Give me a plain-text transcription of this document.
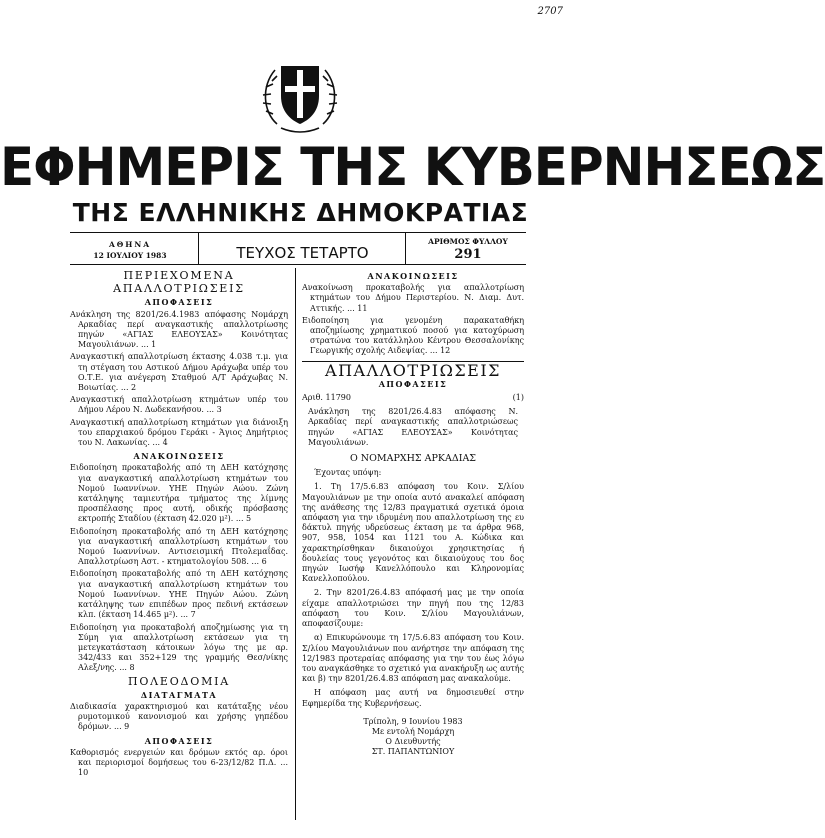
2707
ΕΦΗΜΕΡΙΣ ΤΗΣ ΚΥΒΕΡΝΗΣΕΩΣ
ΤΗΣ ΕΛΛΗΝΙΚΗΣ ΔΗΜΟΚΡΑΤΙΑΣ
ΑΘΗΝΑ
12 ΙΟΥΛΙΟΥ 1983	ΤΕΥΧΟΣ ΤΕΤΑΡΤΟ
ΑΡΙΘΜΟΣ ΦΥΛΛΟΥ
291
ΠΕΡΙΕΧΟΜΕΝΑ
ΑΠΑΛΛΟΤΡΙΩΣΕΙΣ
ΑΠΟΦΑΣΕΙΣ

Ανάκληση της 8201/26.4.1983 απόφασης Νομάρχη Αρκαδίας περί αναγκαστικής απαλλοτρίωσης πηγών «ΑΓΙΑΣ ΕΛΕΟΥΣΑΣ» Κοινότητας Μαγουλιάνων. ... 1

Αναγκαστική απαλλοτρίωση έκτασης 4.038 τ.μ. για τη στέγαση του Αστικού Δήμου Αράχωβα υπέρ του Ο.Τ.Ε. για ανέγερση Σταθμού Α/Τ Αράχωβας Ν. Βοιωτίας. ... 2

Αναγκαστική απαλλοτρίωση κτημάτων υπέρ του Δήμου Λέρου Ν. Δωδεκανήσου. ... 3

Αναγκαστική απαλλοτρίωση κτημάτων για διάνοιξη του επαρχιακού δρόμου Γεράκι - Άγιος Δημήτριος του Ν. Λακωνίας. ... 4

ΑΝΑΚΟΙΝΩΣΕΙΣ

Ειδοποίηση προκαταβολής από τη ΔΕΗ κατόχησης για αναγκαστική απαλλοτρίωση κτημάτων του Νομού Ιωαννίνων. ΥΗΕ Πηγών Αώου. Ζώνη κατάληψης ταμιευτήρα τμήματος της λίμνης προσπέλασης προς αυτή, οδικής πρόσβασης εκτροπής Σταδίου (έκταση 42.020 μ²). ... 5

Ειδοποίηση προκαταβολής από τη ΔΕΗ κατόχησης για αναγκαστική απαλλοτρίωση κτημάτων του Νομού Ιωαννίνων. Αντισεισμική Πτολεμαΐδας. Απαλλοτρίωση Αστ. - κτηματολογίου 508. ... 6

Ειδοποίηση προκαταβολής από τη ΔΕΗ κατόχησης για αναγκαστική απαλλοτρίωση κτημάτων του Νομού Ιωαννίνων. ΥΗΕ Πηγών Αώου. Ζώνη κατάληψης των επιπέδων προς πεδινή εκτάσεων κλπ. (έκταση 14.465 μ²). ... 7

Ειδοποίηση για προκαταβολή αποζημίωσης για τη Σύμη για απαλλοτρίωση εκτάσεων για τη μετεγκατάσταση κάτοικων λόγω της με αρ. 342/433 και 352+129 της γραμμής Θεσ/νίκης Αλεξ/νης. ... 8

ΠΟΛΕΟΔΟΜΙΑ
ΔΙΑΤΑΓΜΑΤΑ

Διαδικασία χαρακτηρισμού και κατάταξης νέου ρυμοτομικού κανονισμού και χρήσης γηπέδου δρόμων. ... 9

ΑΠΟΦΑΣΕΙΣ

Καθορισμός ενεργειών και δρόμων εκτός αρ. όροι και περιορισμοί δομήσεως του 6-23/12/82 Π.Δ. ... 10

ΑΝΑΚΟΙΝΩΣΕΙΣ

Ανακοίνωση προκαταβολής για απαλλοτρίωση κτημάτων του Δήμου Περιστερίου. Ν. Διαμ. Δυτ. Αττικής. ... 11

Ειδοποίηση για γενομένη παρακαταθήκη αποζημίωσης χρηματικού ποσού για κατοχύρωση στρατώνα του κατάλληλου Κέντρου Θεσσαλονίκης Γεωργικής σχολής Αιδεψίας. ... 12

ΑΠΑΛΛΟΤΡΙΩΣΕΙΣ
ΑΠΟΦΑΣΕΙΣ
Αριθ. 11790	(1)

Ανάκληση της 8201/26.4.83 απόφασης Ν. Αρκαδίας περί αναγκαστικής απαλλοτριώσεως πηγών «ΑΓΙΑΣ ΕΛΕΟΥΣΑΣ» Κοινότητας Μαγουλιάνων.

Ο ΝΟΜΑΡΧΗΣ ΑΡΚΑΔΙΑΣ

Έχοντας υπόψη:

1. Τη 17/5.6.83 απόφαση του Κοιν. Σ/λίου Μαγουλιάνων με την οποία αυτό ανακαλεί απόφαση της ανάθεσης της 12/83 πραγματικά σχετικά όμοια απόφαση για την ιδρυμένη που απαλλοτρίωση της ευ δάκτυλ πηγής υδρεύσεως έκταση με τα άρθρα 968, 907, 958, 1054 και 1121 του Α. Κώδικα και χαρακτηρίσθηκαν δικαιούχοι χρησικτησίας ή δουλείας τους γεγονότος και δικαιούχους του δος πηγών Ιωσήφ Κανελλόπουλο και Κληρονομίας Κανελλοπούλου.

2. Την 8201/26.4.83 απόφασή μας με την οποία είχαμε απαλλοτριώσει την πηγή που της 12/83 απόφαση του Κοιν. Σ/λίου Μαγουλιάνων, αποφασίζουμε:

α) Επικυρώνουμε τη 17/5.6.83 απόφαση του Κοιν. Σ/λίου Μαγουλιάνων που ανήρτησε την απόφαση της 12/1983 προτεραίας απόφασης για την του έως λόγω του αναγκάσθηκε το σχετικό για ανακήρυξη ως αυτής και β) την 8201/26.4.83 απόφαση μας ανακαλούμε.

Η απόφαση μας αυτή να δημοσιευθεί στην Εφημερίδα της Κυβερνήσεως.

Τρίπολη, 9 Ιουνίου 1983

Με εντολή Νομάρχη

Ο Διευθυντής

ΣΤ. ΠΑΠΑΝΤΩΝΙΟΥ
